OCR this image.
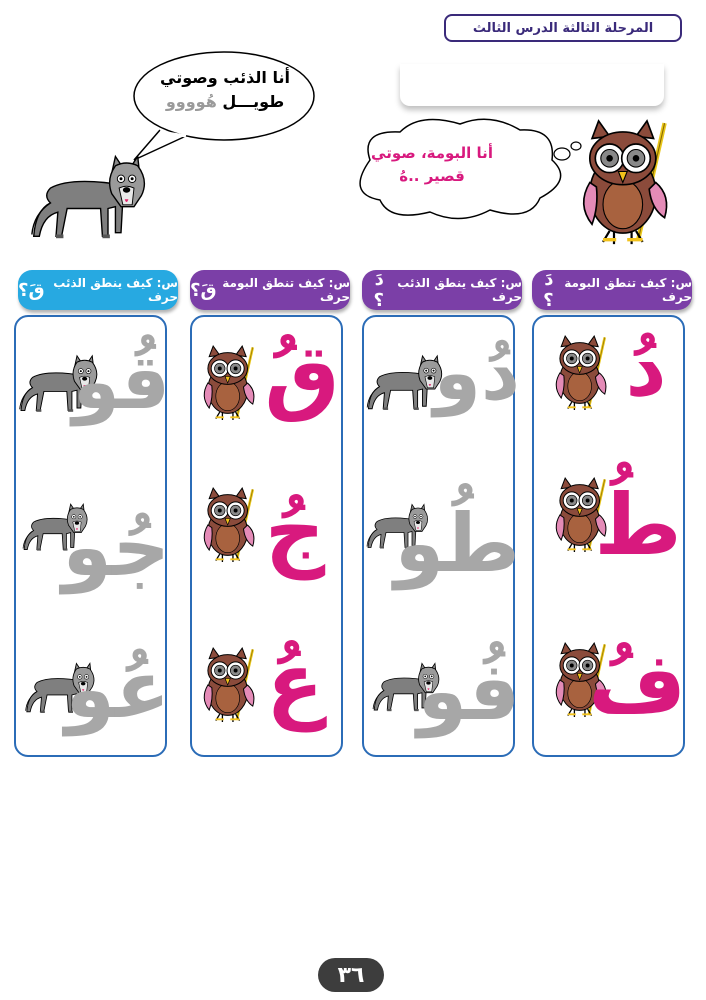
المرحلة الثالثة الدرس الثالث
أنا الذئب وصوتي
طويـــل هُوووو
أنا البومة، صوتي
قصير ..هُ
س: كيف تنطق البومة حرف
دَ ؟
س: كيف ينطق الذئب حرف
دَ ؟
س: كيف تنطق البومة حرف
قَ؟
س: كيف ينطق الذئب حرف
قَ؟
دُ
طُ
فُ
دُو
طُو
فُو
قُ
جُ
عُ
قُو
جُو
عُو
٣٦
